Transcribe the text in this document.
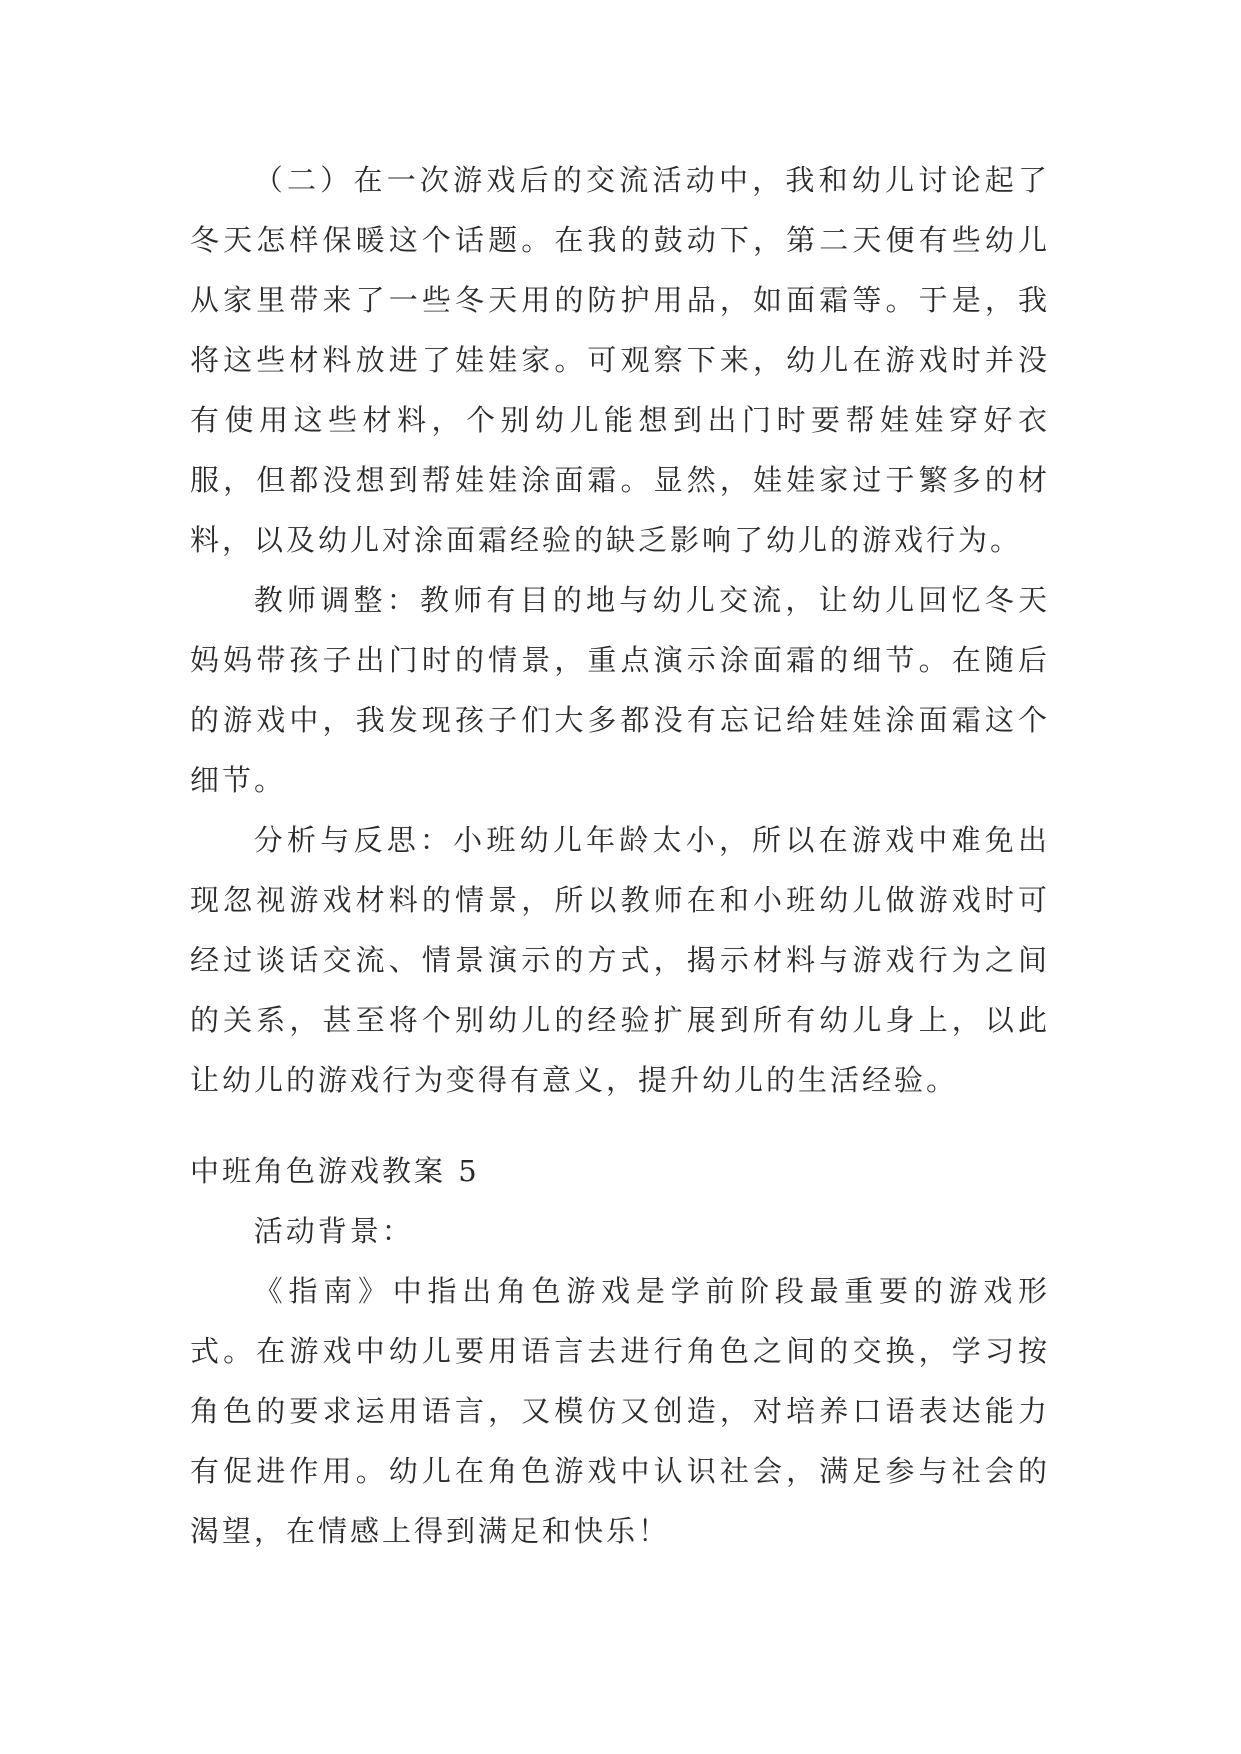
（二）在一次游戏后的交流活动中，我和幼儿讨论起了冬天怎样保暖这个话题。在我的鼓动下，第二天便有些幼儿从家里带来了一些冬天用的防护用品，如面霜等。于是，我将这些材料放进了娃娃家。可观察下来，幼儿在游戏时并没有使用这些材料，个别幼儿能想到出门时要帮娃娃穿好衣服，但都没想到帮娃娃涂面霜。显然，娃娃家过于繁多的材料，以及幼儿对涂面霜经验的缺乏影响了幼儿的游戏行为。

教师调整：教师有目的地与幼儿交流，让幼儿回忆冬天妈妈带孩子出门时的情景，重点演示涂面霜的细节。在随后的游戏中，我发现孩子们大多都没有忘记给娃娃涂面霜这个细节。

分析与反思：小班幼儿年龄太小，所以在游戏中难免出现忽视游戏材料的情景，所以教师在和小班幼儿做游戏时可经过谈话交流、情景演示的方式，揭示材料与游戏行为之间的关系，甚至将个别幼儿的经验扩展到所有幼儿身上，以此让幼儿的游戏行为变得有意义，提升幼儿的生活经验。

中班角色游戏教案 5

活动背景：

《指南》中指出角色游戏是学前阶段最重要的游戏形式。在游戏中幼儿要用语言去进行角色之间的交换，学习按角色的要求运用语言，又模仿又创造，对培养口语表达能力有促进作用。幼儿在角色游戏中认识社会，满足参与社会的渴望，在情感上得到满足和快乐！
